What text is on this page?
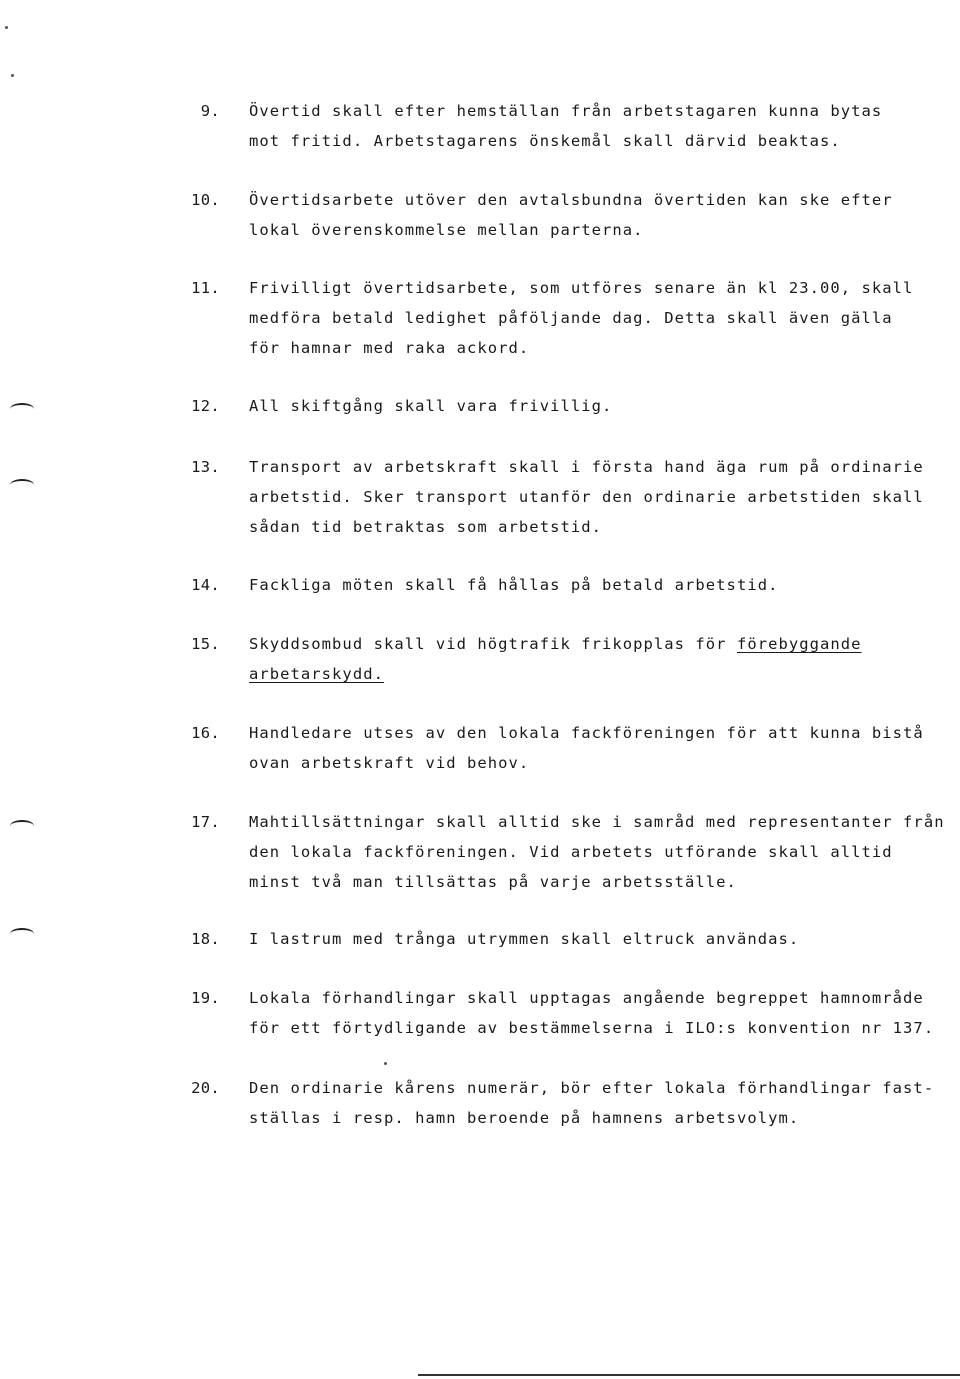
9. Övertid skall efter hemställan från arbetstagaren kunna bytas
mot fritid. Arbetstagarens önskemål skall därvid beaktas.
10. Övertidsarbete utöver den avtalsbundna övertiden kan ske efter
lokal överenskommelse mellan parterna.
11. Frivilligt övertidsarbete, som utföres senare än kl 23.00, skall
medföra betald ledighet påföljande dag. Detta skall även gälla
för hamnar med raka ackord.
12. All skiftgång skall vara frivillig.
13. Transport av arbetskraft skall i första hand äga rum på ordinarie
arbetstid. Sker transport utanför den ordinarie arbetstiden skall
sådan tid betraktas som arbetstid.
14. Fackliga möten skall få hållas på betald arbetstid.
15. Skyddsombud skall vid högtrafik frikopplas för förebyggande
arbetarskydd.
16. Handledare utses av den lokala fackföreningen för att kunna bistå
ovan arbetskraft vid behov.
17. Mahtillsättningar skall alltid ske i samråd med representanter från
den lokala fackföreningen. Vid arbetets utförande skall alltid
minst två man tillsättas på varje arbetsställe.
18. I lastrum med trånga utrymmen skall eltruck användas.
19. Lokala förhandlingar skall upptagas angående begreppet hamnområde
för ett förtydligande av bestämmelserna i ILO:s konvention nr 137.
20. Den ordinarie kårens numerär, bör efter lokala förhandlingar fast-
ställas i resp. hamn beroende på hamnens arbetsvolym.
